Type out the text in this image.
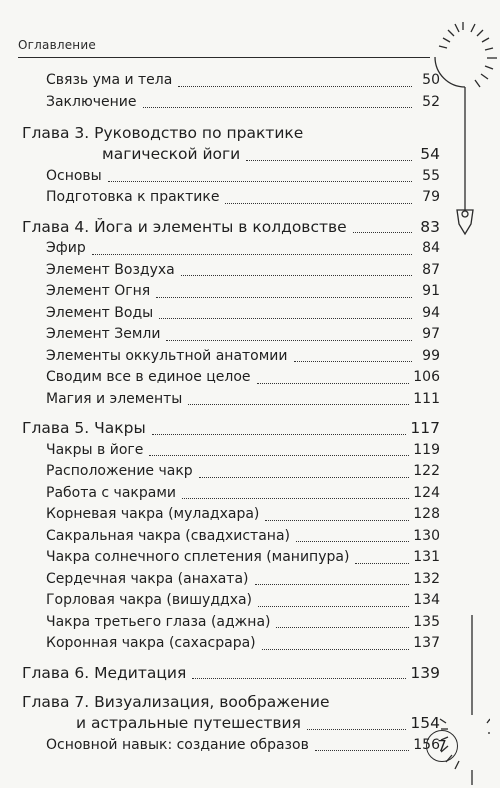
Оглавление
Связь ума и тела	50
Заключение	52
Глава 3. Руководство по практике
магической йоги	54
Основы	55
Подготовка к практике	79
Глава 4. Йога и элементы в колдовстве	83
Эфир	84
Элемент Воздуха	87
Элемент Огня	91
Элемент Воды	94
Элемент Земли	97
Элементы оккультной анатомии	99
Сводим все в единое целое	106
Магия и элементы	111
Глава 5. Чакры	117
Чакры в йоге	119
Расположение чакр	122
Работа с чакрами	124
Корневая чакра (муладхара)	128
Сакральная чакра (свадхистана)	130
Чакра солнечного сплетения (манипура)	131
Сердечная чакра (анахата)	132
Горловая чакра (вишуддха)	134
Чакра третьего глаза (аджна)	135
Коронная чакра (сахасрара)	137
Глава 6. Медитация	139
Глава 7. Визуализация, воображение
и астральные путешествия	154
Основной навык: создание образов	156
7
